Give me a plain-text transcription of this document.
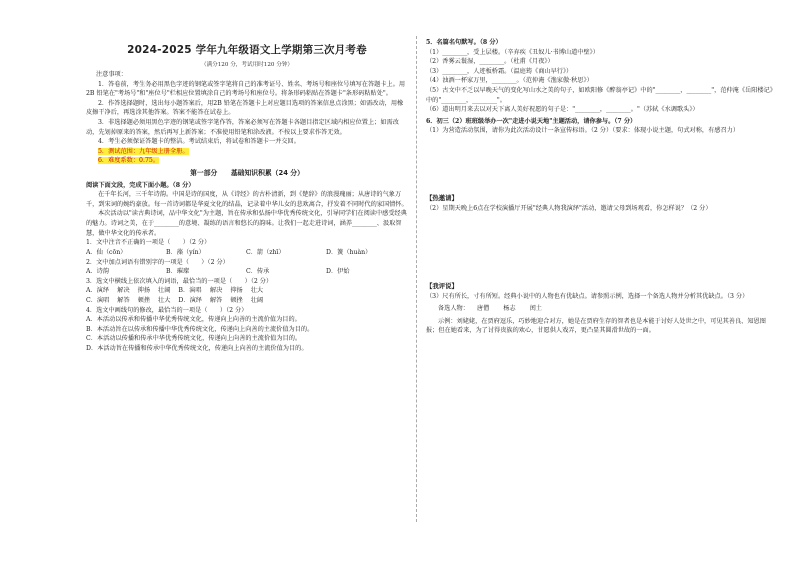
2024-2025 学年九年级语文上学期第三次月考卷
（满分120 分，考试用时120 分钟）

注意事项：

1．答卷前，考生务必用黑色字迹的钢笔或签字笔将自己的准考证号、姓名、考场号和座位号填写在答题卡上。用2B 铅笔在"考场号"和"座位号"栏相应位置填涂自己的考场号和座位号。将条形码粘贴在答题卡"条形码粘贴处"。

2．作答选择题时，选出每小题答案后，用2B 铅笔在答题卡上对应题目选项的答案信息点涂黑；如需改动，用橡皮擦干净后，再选涂其他答案。答案不能答在试卷上。

3．非选择题必须用黑色字迹的钢笔或签字笔作答，答案必须写在答题卡各题目指定区域内相应位置上；如需改动，先划掉原来的答案，然后再写上新答案；不准使用铅笔和涂改液。不按以上要求作答无效。

4．考生必须保证答题卡的整洁。考试结束后，将试卷和答题卡一并交回。

5．测试范围：九年级上册全册。

6．难度系数：0.75。

第一部分　　基础知识积累（24 分）

阅读下面文段，完成下面小题。（8 分）

在千年长河，三千年诗韵。中国是诗的国度，从《诗经》的古朴清新，到《楚辞》的浪漫瑰丽；从唐诗的气象万千，到宋词的婉约豪放。每一首诗词都是华夏文化的结晶，记录着中华儿女的悲欢离合，抒发着不同时代的家国情怀。

本次活动以"读古典诗词，品中华文化"为主题，旨在传承和弘扬中华优秀传统文化，引导同学们在阅读中感受经典的魅力。诗词之美，在于________的意境、凝练的语言和悠长的韵味。让我们一起走进诗词，涵养________、汲取智慧，做中华文化的传承者。

1．文中注音不正确的一项是（　　）（2 分）

A．仙（cōn）	B．藻（yín）	C．箭（zhī）	D．簧（huàn）

2．文中加点词语有错别字的一项是（　　）（2 分）

A．诗韵	B．璀璨	C．传承	D．伊始

3．选文中横线上依次填入的词语，最恰当的一项是（　　）（2 分）

A．演绎	解决	抑扬	壮阔	B．演唱	解决	抑扬	壮大
C．演唱	解答	顿挫	壮大	D．演绎	解答	顿挫	壮阔

4．选文中画线句的修改，最恰当的一项是（　　）（2 分）

A．本活动以传承和传播中华优秀传统文化，传递向上向善的主流价值为目的。

B．本活动旨在以传承和传播中华优秀传统文化，传递向上向善的主流价值为目的。

C．本活动以传播和传承中华优秀传统文化，传递向上向善的主流价值为目的。

D．本活动旨在传播和传承中华优秀传统文化，传递向上向善的主流价值为目的。

5．名篇名句默写。（8 分）

（1）________，受上层楼。（辛弃疾《丑奴儿·书博山道中壁》）

（2）香雾云鬟湿，________。（杜甫《月夜》）

（3）________，人迹板桥霜。（温庭筠《商山早行》）

（4）浊酒一杯家万里，________。（范仲淹《渔家傲·秋思》）

（5）古文中不乏以早晚天气的变化写山水之美的句子，如欧阳修《醉翁亭记》中的"________，________"，范仲淹《岳阳楼记》中的"________，________"。

（6）道出明月来去以对天下离人美好祝愿的句子是："________，________。"（苏轼《水调歌头》）

6．初三（2）班班级举办一次"走进小说天地"主题活动，请你参与。（7 分）

（1）为营造活动氛围，请你为此次活动设计一条宣传标语。（2 分）（要求：体现小说主题，句式对称，有感召力）

【热邀请】

（2）星期天晚上6点在学校演播厅开展"经典人物我演绎"活动，邀请父母到场观看，你怎样说？（2 分）

【我评说】

（3）尺有所长，寸有所短。经典小说中的人物也有优缺点。请参照示例，选择一个备选人物并分析其优缺点。（3 分）

备选人物： 唐僧 杨志 闰土

示例：刘姥姥，在贾府逗乐，巧妙地迎合对方，她是在贾府生存的智者也是本能于讨好人处世之中，可见其善良、知恩图报；但在她看来，为了讨得贵族的欢心，甘愿供人戏弄，更凸显其圆滑世故的一面。
